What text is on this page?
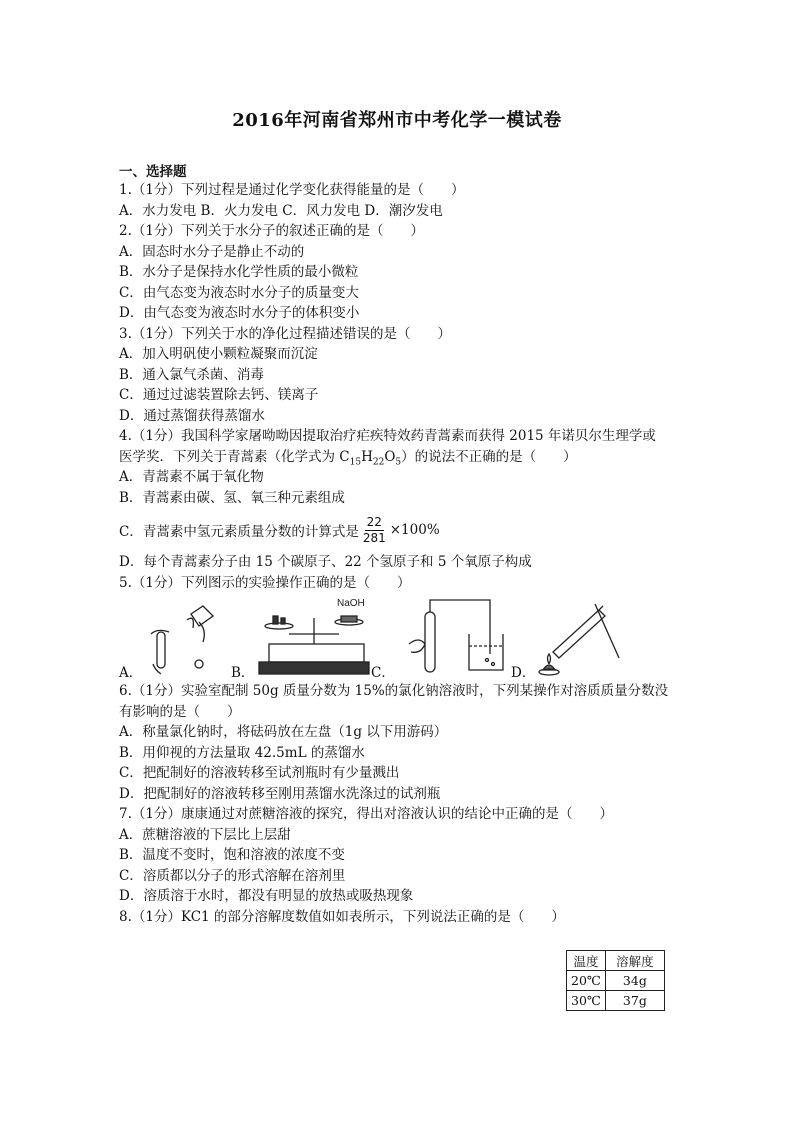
2016年河南省郑州市中考化学一模试卷
一、选择题
1.（1分）下列过程是通过化学变化获得能量的是（　　）
A．水力发电 B．火力发电 C．风力发电 D．潮汐发电
2.（1分）下列关于水分子的叙述正确的是（　　）
A．固态时水分子是静止不动的
B．水分子是保持水化学性质的最小微粒
C．由气态变为液态时水分子的质量变大
D．由气态变为液态时水分子的体积变小
3.（1分）下列关于水的净化过程描述错误的是（　　）
A．加入明矾使小颗粒凝聚而沉淀
B．通入氯气杀菌、消毒
C．通过过滤装置除去钙、镁离子
D．通过蒸馏获得蒸馏水
4.（1分）我国科学家屠呦呦因提取治疗疟疾特效药青蒿素而获得 2015 年诺贝尔生理学或
医学奖．下列关于青蒿素（化学式为 $C_{15}H_{22}O_5$）的说法不正确的是（　　）
A．青蒿素不属于氧化物
B．青蒿素由碳、氢、氧三种元素组成
C．青蒿素中氢元素质量分数的计算式是 $\frac{22}{281} \times 100\%$
D．每个青蒿素分子由 15 个碳原子、22 个氢原子和 5 个氧原子构成
5.（1分）下列图示的实验操作正确的是（　　）
A．	B．
NaOH
C．	D．
6.（1分）实验室配制 50g 质量分数为 15%的氯化钠溶液时，下列某操作对溶质质量分数没有影响的是（　　）
A．称量氯化钠时，将砝码放在左盘（1g 以下用游码）
B．用仰视的方法量取 42.5mL 的蒸馏水
C．把配制好的溶液转移至试剂瓶时有少量溅出
D．把配制好的溶液转移至刚用蒸馏水洗涤过的试剂瓶
7.（1分）康康通过对蔗糖溶液的探究，得出对溶液认识的结论中正确的是（　　）
A．蔗糖溶液的下层比上层甜
B．温度不变时，饱和溶液的浓度不变
C．溶质都以分子的形式溶解在溶剂里
D．溶质溶于水时，都没有明显的放热或吸热现象
8.（1分）KC1 的部分溶解度数值如如表所示，下列说法正确的是（　　）
温度	溶解度
20℃	34g
30℃	37g
